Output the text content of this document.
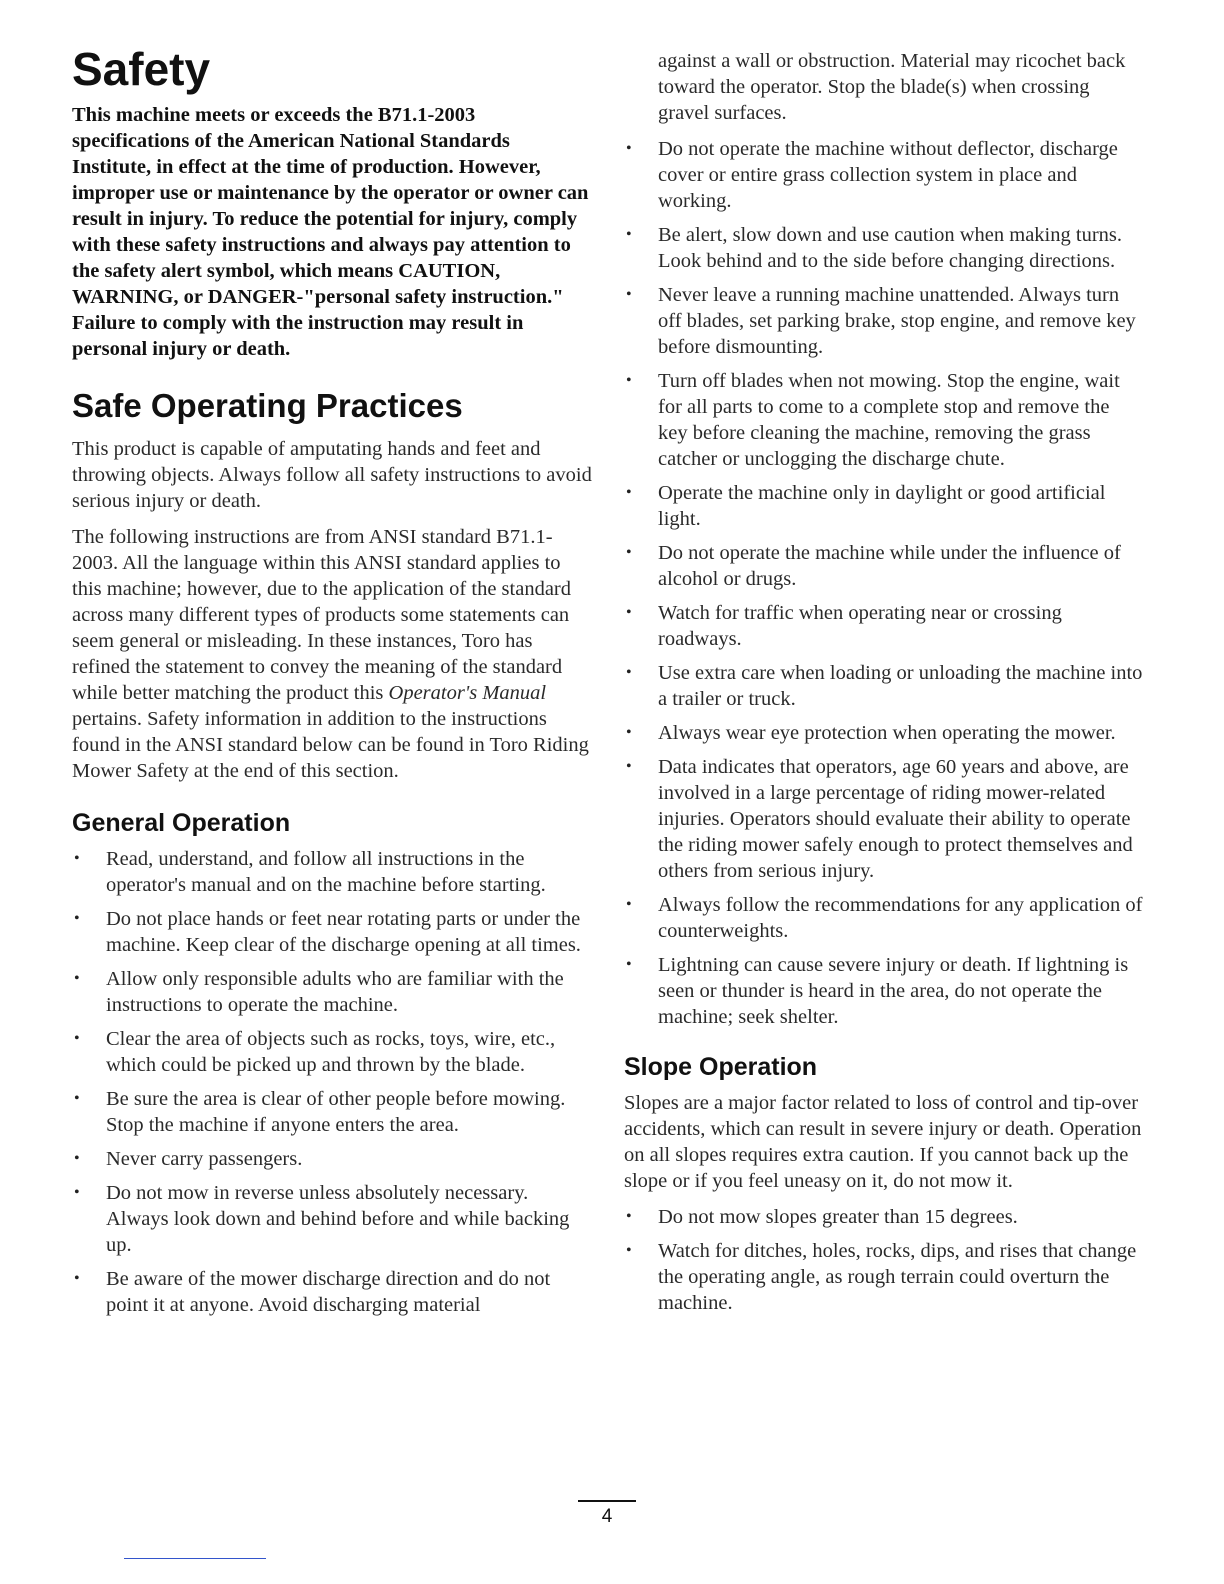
Safety

This machine meets or exceeds the B71.1-2003 specifications of the American National Standards Institute, in effect at the time of production. However, improper use or maintenance by the operator or owner can result in injury. To reduce the potential for injury, comply with these safety instructions and always pay attention to the safety alert symbol, which means CAUTION, WARNING, or DANGER-"personal safety instruction." Failure to comply with the instruction may result in personal injury or death.

Safe Operating Practices

This product is capable of amputating hands and feet and throwing objects. Always follow all safety instructions to avoid serious injury or death.

The following instructions are from ANSI standard B71.1-2003. All the language within this ANSI standard applies to this machine; however, due to the application of the standard across many different types of products some statements can seem general or misleading. In these instances, Toro has refined the statement to convey the meaning of the standard while better matching the product this Operator's Manual pertains. Safety information in addition to the instructions found in the ANSI standard below can be found in Toro Riding Mower Safety at the end of this section.

General Operation
• Read, understand, and follow all instructions in the operator's manual and on the machine before starting.
• Do not place hands or feet near rotating parts or under the machine. Keep clear of the discharge opening at all times.
• Allow only responsible adults who are familiar with the instructions to operate the machine.
• Clear the area of objects such as rocks, toys, wire, etc., which could be picked up and thrown by the blade.
• Be sure the area is clear of other people before mowing. Stop the machine if anyone enters the area.
• Never carry passengers.
• Do not mow in reverse unless absolutely necessary. Always look down and behind before and while backing up.
• Be aware of the mower discharge direction and do not point it at anyone. Avoid discharging material

against a wall or obstruction. Material may ricochet back toward the operator. Stop the blade(s) when crossing gravel surfaces.

• Do not operate the machine without deflector, discharge cover or entire grass collection system in place and working.
• Be alert, slow down and use caution when making turns. Look behind and to the side before changing directions.
• Never leave a running machine unattended. Always turn off blades, set parking brake, stop engine, and remove key before dismounting.
• Turn off blades when not mowing. Stop the engine, wait for all parts to come to a complete stop and remove the key before cleaning the machine, removing the grass catcher or unclogging the discharge chute.
• Operate the machine only in daylight or good artificial light.
• Do not operate the machine while under the influence of alcohol or drugs.
• Watch for traffic when operating near or crossing roadways.
• Use extra care when loading or unloading the machine into a trailer or truck.
• Always wear eye protection when operating the mower.
• Data indicates that operators, age 60 years and above, are involved in a large percentage of riding mower-related injuries. Operators should evaluate their ability to operate the riding mower safely enough to protect themselves and others from serious injury.
• Always follow the recommendations for any application of counterweights.
• Lightning can cause severe injury or death. If lightning is seen or thunder is heard in the area, do not operate the machine; seek shelter.
Slope Operation

Slopes are a major factor related to loss of control and tip-over accidents, which can result in severe injury or death. Operation on all slopes requires extra caution. If you cannot back up the slope or if you feel uneasy on it, do not mow it.

• Do not mow slopes greater than 15 degrees.
• Watch for ditches, holes, rocks, dips, and rises that change the operating angle, as rough terrain could overturn the machine.
4
